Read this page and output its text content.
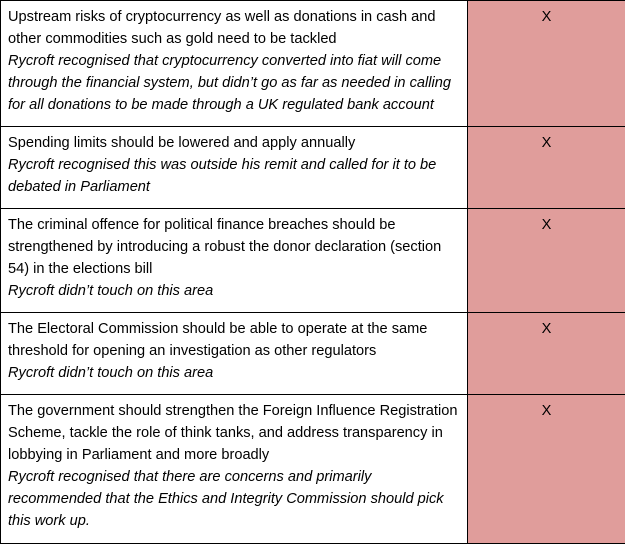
Upstream risks of cryptocurrency as well as donations in cash and other commodities such as gold need to be tackled
Rycroft recognised that cryptocurrency converted into fiat will come through the financial system, but didn’t go as far as needed in calling for all donations to be made through a UK regulated bank account	X

Spending limits should be lowered and apply annually
Rycroft recognised this was outside his remit and called for it to be debated in Parliament	X

The criminal offence for political finance breaches should be strengthened by introducing a robust the donor declaration (section 54) in the elections bill
Rycroft didn’t touch on this area	X

The Electoral Commission should be able to operate at the same threshold for opening an investigation as other regulators
Rycroft didn’t touch on this area	X

The government should strengthen the Foreign Influence Registration Scheme, tackle the role of think tanks, and address transparency in lobbying in Parliament and more broadly
Rycroft recognised that there are concerns and primarily recommended that the Ethics and Integrity Commission should pick this work up.	X
